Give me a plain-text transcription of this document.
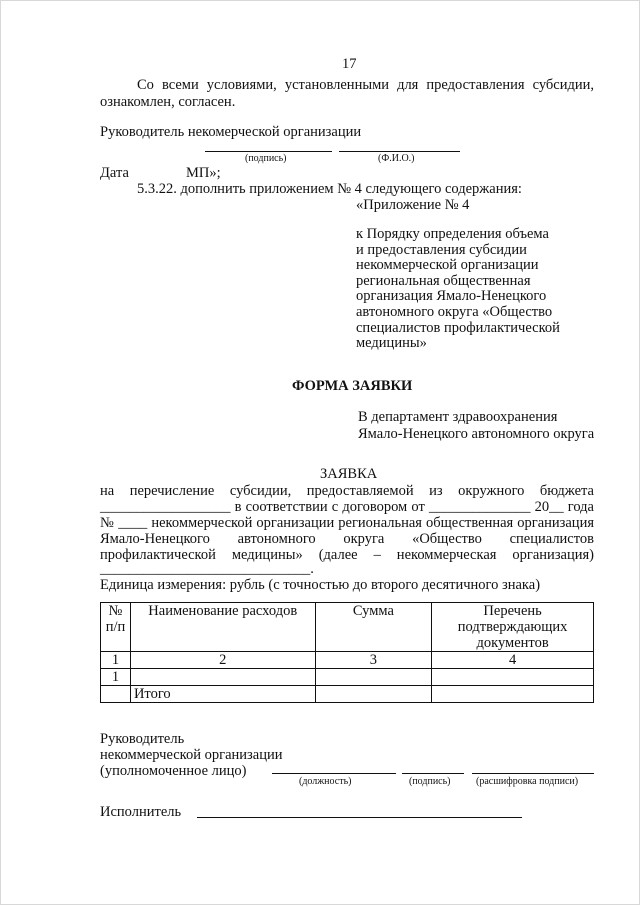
17
Со всеми условиями, установленными для предоставления субсидии,
ознакомлен, согласен.
Руководитель некомерческой организации
(подпись)	(Ф.И.О.)
Дата	МП»;
5.3.22. дополнить приложением № 4 следующего содержания:
«Приложение № 4
к Порядку определения объема
и предоставления субсидии
некоммерческой организации
региональная общественная
организация Ямало-Ненецкого
автономного округа «Общество
специалистов профилактической
медицины»
ФОРМА ЗАЯВКИ
В департамент здравоохранения
Ямало-Ненецкого автономного округа
ЗАЯВКА
на перечисление субсидии, предоставляемой из окружного бюджета
__________________ в соответствии с договором от ______________ 20__ года
№ ____ некоммерческой организации региональная общественная организация
Ямало-Ненецкого автономного округа «Общество специалистов
профилактической медицины» (далее – некоммерческая организация)
_____________________________.
Единица измерения: рубль (с точностью до второго десятичного знака)
№ п/п	Наименование расходов	Сумма	Перечень подтверждающих документов
1	2	3	4
1			
	Итого		
Руководитель
некоммерческой организации
(уполномоченное лицо)
(должность)	(подпись)	(расшифровка подписи)
Исполнитель
